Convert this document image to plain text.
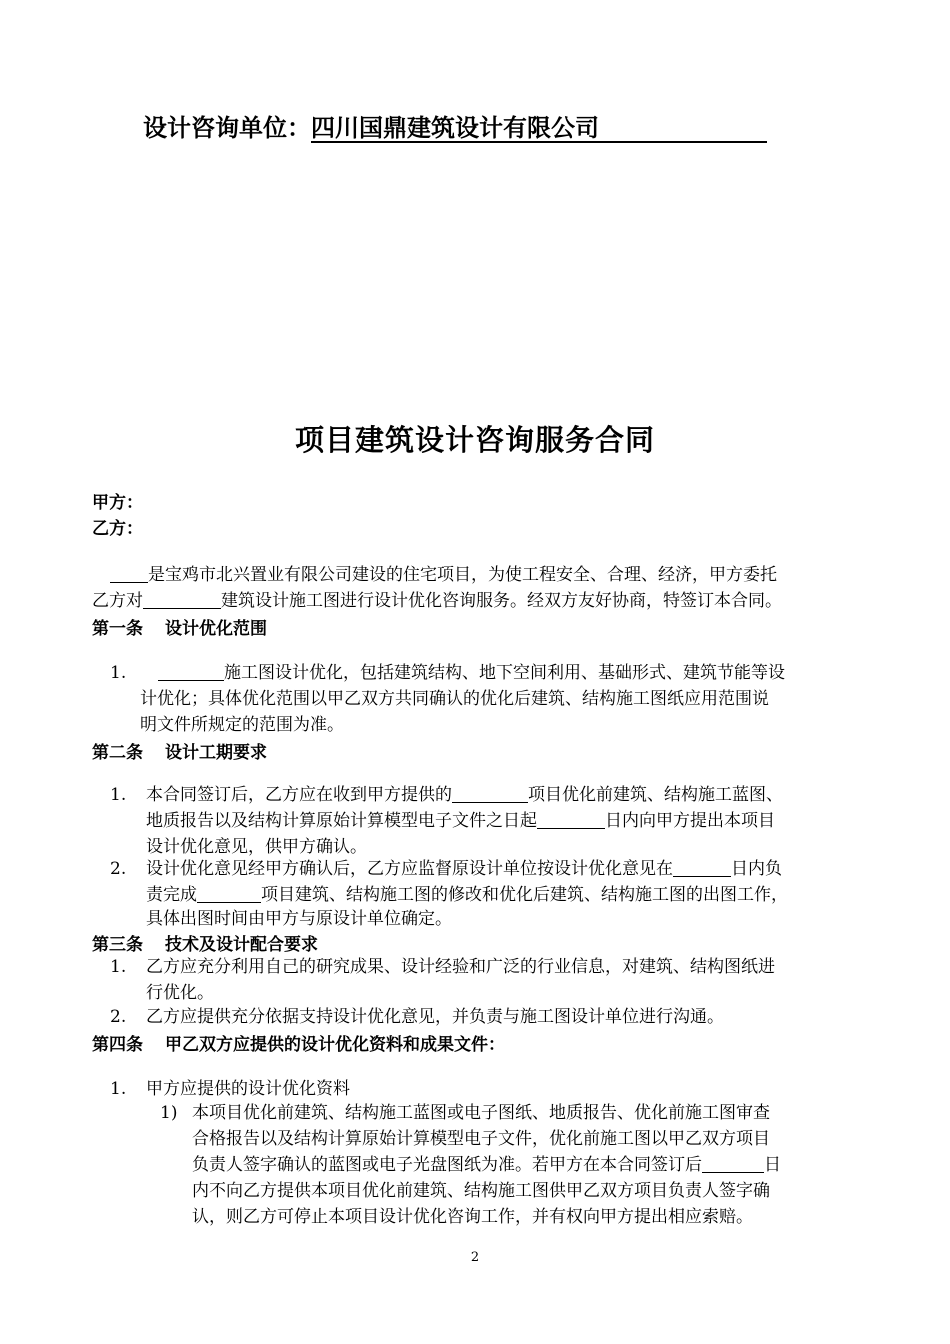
设计咨询单位：四川国鼎建筑设计有限公司
项目建筑设计咨询服务合同
甲方：
乙方：
是宝鸡市北兴置业有限公司建设的住宅项目，为使工程安全、合理、经济，甲方委托
乙方对	建筑设计施工图进行设计优化咨询服务。经双方友好协商，特签订本合同。
第一条 设计优化范围
1.	施工图设计优化，包括建筑结构、地下空间利用、基础形式、建筑节能等设
计优化；具体优化范围以甲乙双方共同确认的优化后建筑、结构施工图纸应用范围说
明文件所规定的范围为准。
第二条 设计工期要求
1. 本合同签订后，乙方应在收到甲方提供的	项目优化前建筑、结构施工蓝图、
地质报告以及结构计算原始计算模型电子文件之日起	日内向甲方提出本项目
设计优化意见，供甲方确认。
2. 设计优化意见经甲方确认后，乙方应监督原设计单位按设计优化意见在	日内负
责完成	项目建筑、结构施工图的修改和优化后建筑、结构施工图的出图工作，
具体出图时间由甲方与原设计单位确定。
第三条 技术及设计配合要求
1. 乙方应充分利用自己的研究成果、设计经验和广泛的行业信息，对建筑、结构图纸进
行优化。
2. 乙方应提供充分依据支持设计优化意见，并负责与施工图设计单位进行沟通。
第四条 甲乙双方应提供的设计优化资料和成果文件：
1. 甲方应提供的设计优化资料
1) 本项目优化前建筑、结构施工蓝图或电子图纸、地质报告、优化前施工图审查
合格报告以及结构计算原始计算模型电子文件，优化前施工图以甲乙双方项目
负责人签字确认的蓝图或电子光盘图纸为准。若甲方在本合同签订后	日
内不向乙方提供本项目优化前建筑、结构施工图供甲乙双方项目负责人签字确
认，则乙方可停止本项目设计优化咨询工作，并有权向甲方提出相应索赔。
2
